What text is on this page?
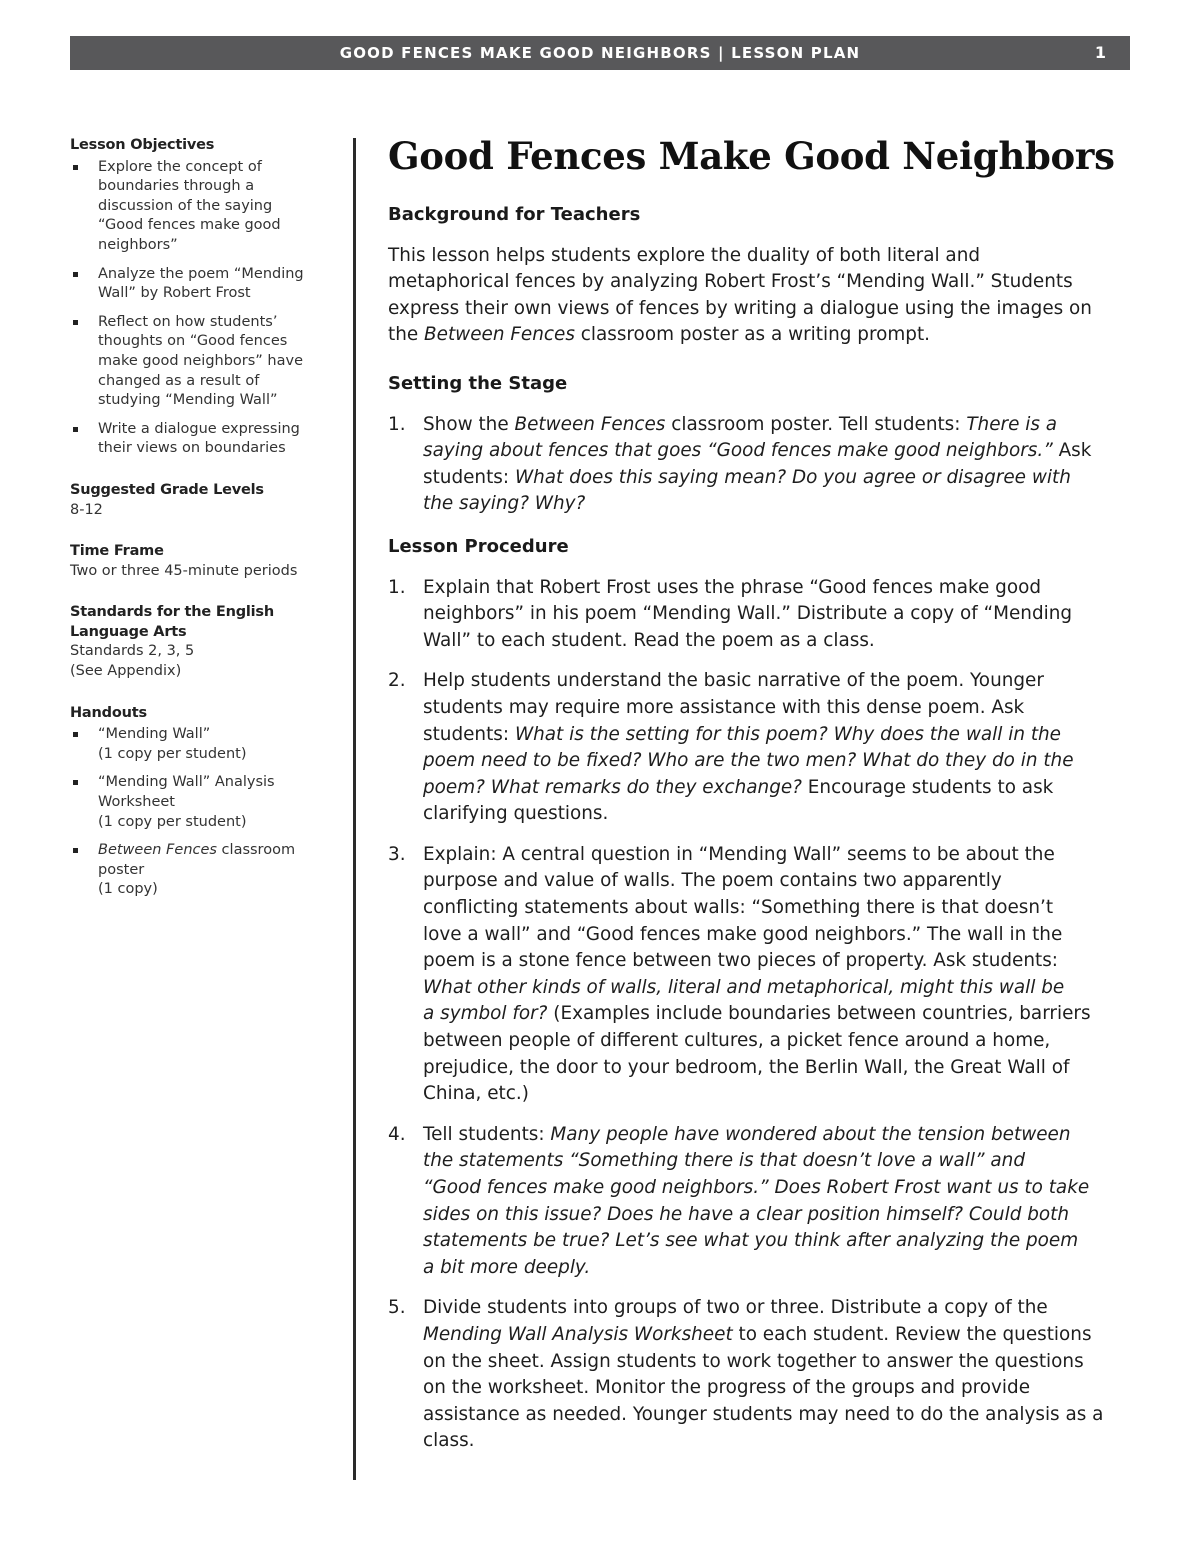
GOOD FENCES MAKE GOOD NEIGHBORS | LESSON PLAN	1
Lesson Objectives
Explore the concept of
boundaries through a
discussion of the saying
“Good fences make good
neighbors”
Analyze the poem “Mending
Wall” by Robert Frost
Reflect on how students’
thoughts on “Good fences
make good neighbors” have
changed as a result of
studying “Mending Wall”
Write a dialogue expressing
their views on boundaries
Suggested Grade Levels
8-12
Time Frame
Two or three 45-minute periods
Standards for the English
Language Arts
Standards 2, 3, 5
(See Appendix)
Handouts
“Mending Wall”
(1 copy per student)
“Mending Wall” Analysis
Worksheet
(1 copy per student)
Between Fences classroom
poster
(1 copy)
Good Fences Make Good Neighbors
Background for Teachers
This lesson helps students explore the duality of both literal and
metaphorical fences by analyzing Robert Frost’s “Mending Wall.” Students
express their own views of fences by writing a dialogue using the images on
the Between Fences classroom poster as a writing prompt.
Setting the Stage
1. Show the Between Fences classroom poster. Tell students: There is a
saying about fences that goes “Good fences make good neighbors.” Ask
students: What does this saying mean? Do you agree or disagree with
the saying? Why?
Lesson Procedure
1. Explain that Robert Frost uses the phrase “Good fences make good
neighbors” in his poem “Mending Wall.” Distribute a copy of “Mending
Wall” to each student. Read the poem as a class.
2. Help students understand the basic narrative of the poem. Younger
students may require more assistance with this dense poem. Ask
students: What is the setting for this poem? Why does the wall in the
poem need to be fixed? Who are the two men? What do they do in the
poem? What remarks do they exchange? Encourage students to ask
clarifying questions.
3. Explain: A central question in “Mending Wall” seems to be about the
purpose and value of walls. The poem contains two apparently
conflicting statements about walls: “Something there is that doesn’t
love a wall” and “Good fences make good neighbors.” The wall in the
poem is a stone fence between two pieces of property. Ask students:
What other kinds of walls, literal and metaphorical, might this wall be
a symbol for? (Examples include boundaries between countries, barriers
between people of different cultures, a picket fence around a home,
prejudice, the door to your bedroom, the Berlin Wall, the Great Wall of
China, etc.)
4. Tell students: Many people have wondered about the tension between
the statements “Something there is that doesn’t love a wall” and
“Good fences make good neighbors.” Does Robert Frost want us to take
sides on this issue? Does he have a clear position himself? Could both
statements be true? Let’s see what you think after analyzing the poem
a bit more deeply.
5. Divide students into groups of two or three. Distribute a copy of the
Mending Wall Analysis Worksheet to each student. Review the questions
on the sheet. Assign students to work together to answer the questions
on the worksheet. Monitor the progress of the groups and provide
assistance as needed. Younger students may need to do the analysis as a
class.
